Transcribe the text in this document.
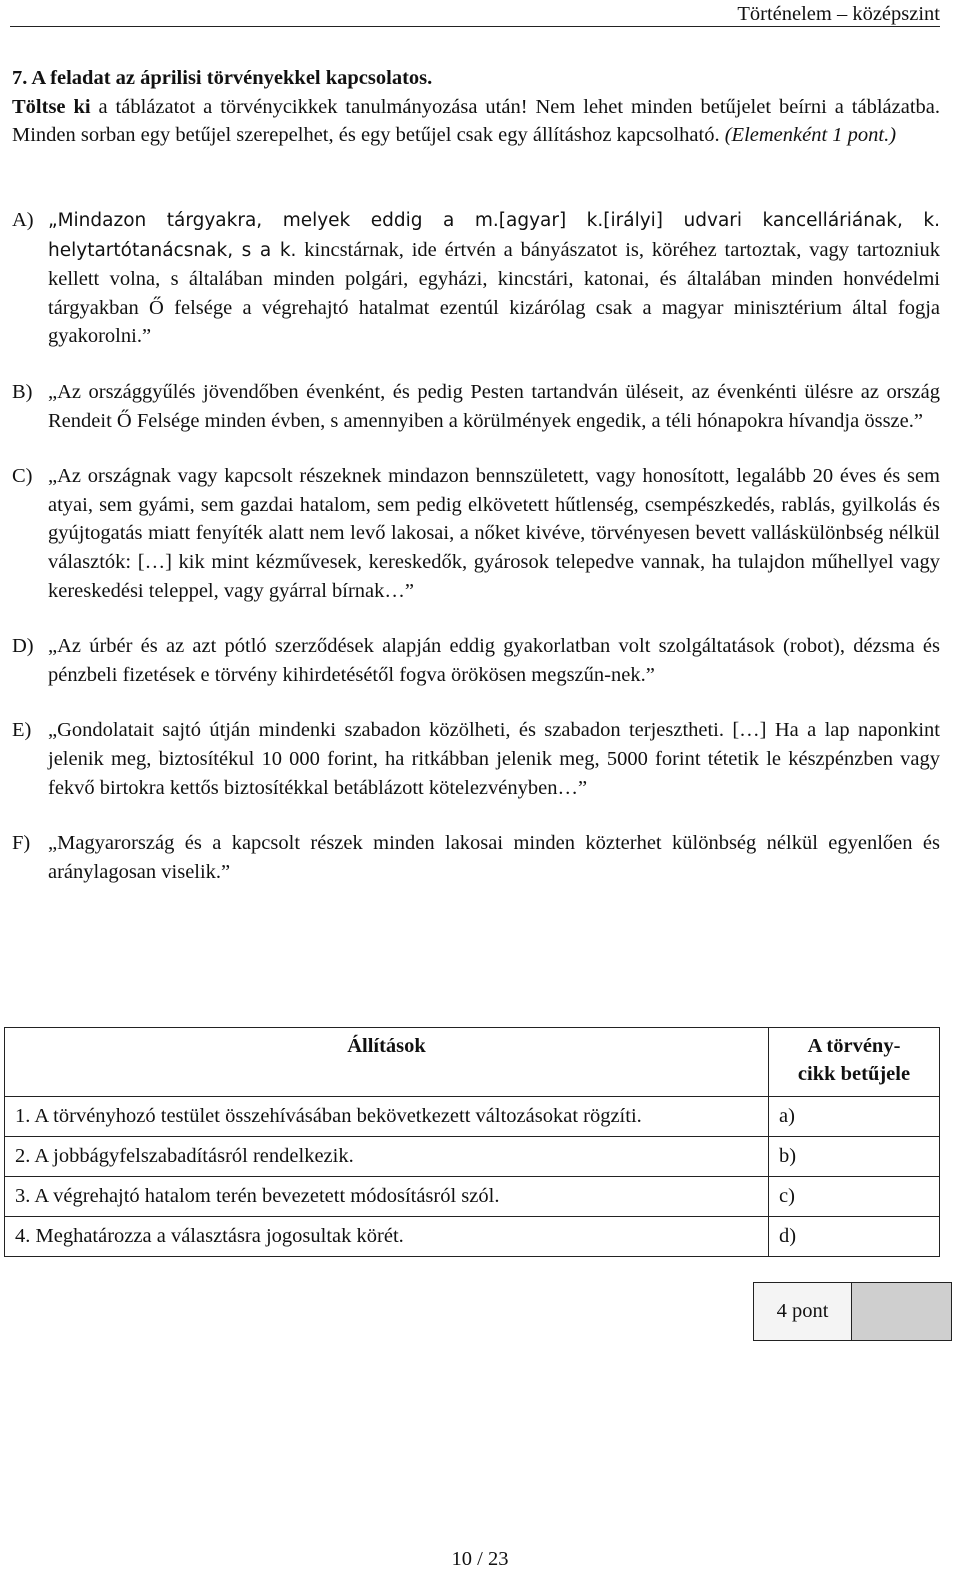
Történelem – középszint
7. A feladat az áprilisi törvényekkel kapcsolatos.
Töltse ki a táblázatot a törvénycikkek tanulmányozása után! Nem lehet minden betűjelet beírni a táblázatba. Minden sorban egy betűjel szerepelhet, és egy betűjel csak egy állításhoz kapcsolható. (Elemenként 1 pont.)
A) „Mindazon tárgyakra, melyek eddig a m.[agyar] k.[irályi] udvari kancelláriának, k. helytartótanácsnak, s a k. kincstárnak, ide értvén a bányászatot is, köréhez tartoztak, vagy tartozniuk kellett volna, s általában minden polgári, egyházi, kincstári, katonai, és általában minden honvédelmi tárgyakban Ő felsége a végrehajtó hatalmat ezentúl kizárólag csak a magyar minisztérium által fogja gyakorolni.”
B) „Az országgyűlés jövendőben évenként, és pedig Pesten tartandván üléseit, az évenkénti ülésre az ország Rendeit Ő Felsége minden évben, s amennyiben a körülmények engedik, a téli hónapokra hívandja össze.”
C) „Az országnak vagy kapcsolt részeknek mindazon bennszületett, vagy honosított, legalább 20 éves és sem atyai, sem gyámi, sem gazdai hatalom, sem pedig elkövetett hűtlenség, csempészkedés, rablás, gyilkolás és gyújtogatás miatt fenyíték alatt nem levő lakosai, a nőket kivéve, törvényesen bevett valláskülönbség nélkül választók: […] kik mint kézművesek, kereskedők, gyárosok telepedve vannak, ha tulajdon műhellyel vagy kereskedési teleppel, vagy gyárral bírnak…”
D) „Az úrbér és az azt pótló szerződések alapján eddig gyakorlatban volt szolgáltatások (robot), dézsma és pénzbeli fizetések e törvény kihirdetésétől fogva örökösen megszűn-nek.”
E) „Gondolatait sajtó útján mindenki szabadon közölheti, és szabadon terjesztheti. […] Ha a lap naponkint jelenik meg, biztosítékul 10 000 forint, ha ritkábban jelenik meg, 5000 forint tétetik le készpénzben vagy fekvő birtokra kettős biztosítékkal betáblázott kötelezvényben…”
F) „Magyarország és a kapcsolt részek minden lakosai minden közterhet különbség nélkül egyenlően és aránylagosan viselik.”
Állítások	A törvény-
cikk betűjele
1. A törvényhozó testület összehívásában bekövetkezett változásokat rögzíti.	a)
2. A jobbágyfelszabadításról rendelkezik.	b)
3. A végrehajtó hatalom terén bevezetett módosításról szól.	c)
4. Meghatározza a választásra jogosultak körét.	d)
4 pont
10 / 23
